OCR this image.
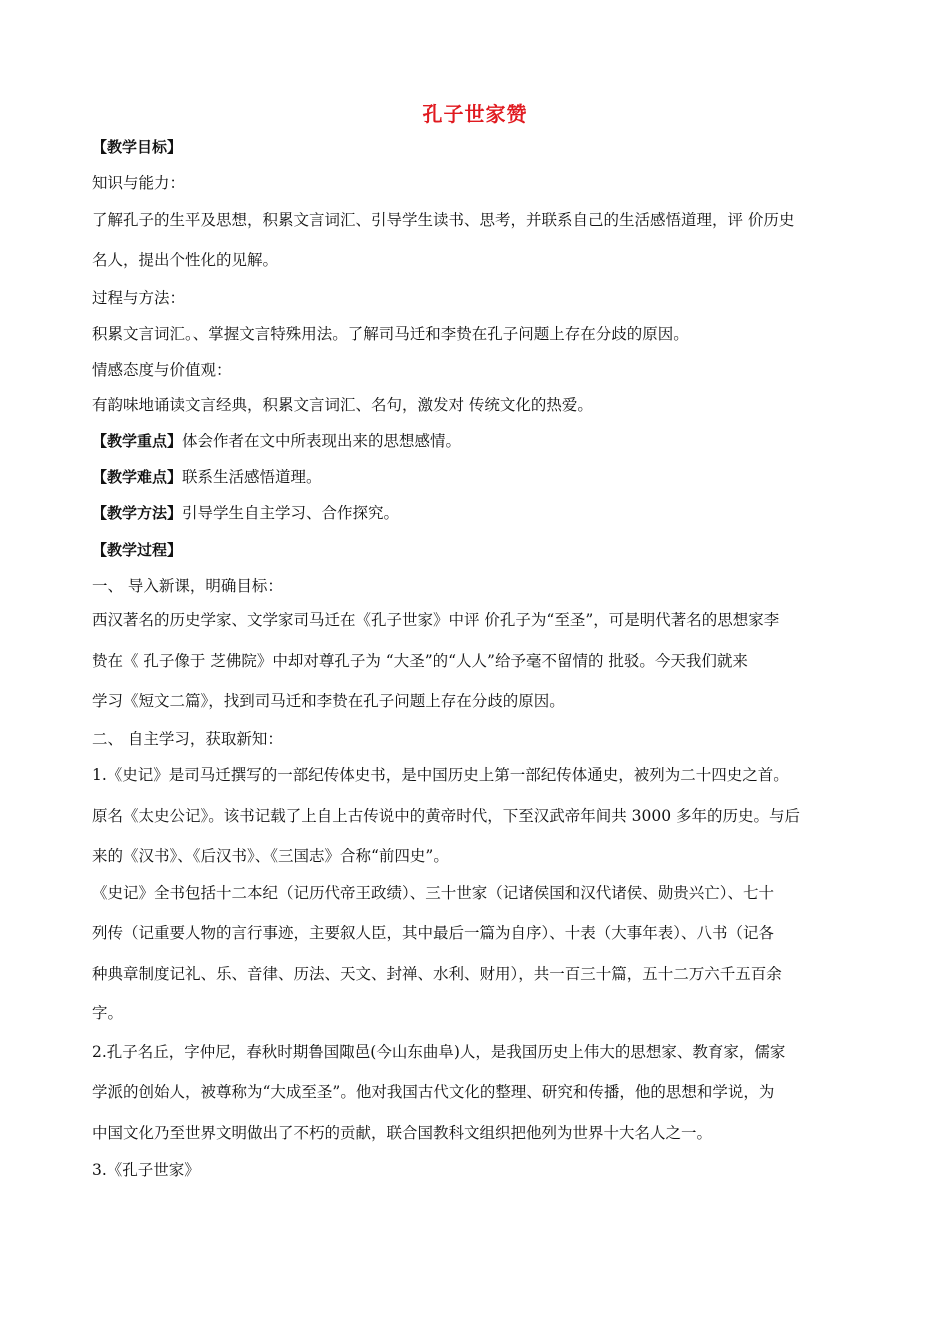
孔子世家赞
【教学目标】
知识与能力：
了解孔子的生平及思想，积累文言词汇、引导学生读书、思考，并联系自己的生活感悟道理，评 价历史
名人，提出个性化的见解。
过程与方法：
积累文言词汇。、掌握文言特殊用法。了解司马迁和李贽在孔子问题上存在分歧的原因。
情感态度与价值观：
有韵味地诵读文言经典，积累文言词汇、名句，激发对 传统文化的热爱。
【教学重点】体会作者在文中所表现出来的思想感情。
【教学难点】联系生活感悟道理。
【教学方法】引导学生自主学习、合作探究。
【教学过程】
一、 导入新课，明确目标：
西汉著名的历史学家、文学家司马迁在《孔子世家》中评 价孔子为“至圣”，可是明代著名的思想家李
贽在《 孔子像于 芝佛院》中却对尊孔子为 “大圣”的“人人”给予毫不留情的 批驳。今天我们就来
学习《短文二篇》，找到司马迁和李贽在孔子问题上存在分歧的原因。
二、 自主学习，获取新知：
1.《史记》是司马迁撰写的一部纪传体史书，是中国历史上第一部纪传体通史，被列为二十四史之首。
原名《太史公记》。该书记载了上自上古传说中的黄帝时代，下至汉武帝年间共 3000 多年的历史。与后
来的《汉书》、《后汉书》、《三国志》合称“前四史”。
《史记》全书包括十二本纪（记历代帝王政绩）、三十世家（记诸侯国和汉代诸侯、勋贵兴亡）、七十
列传（记重要人物的言行事迹，主要叙人臣，其中最后一篇为自序）、十表（大事年表）、八书（记各
种典章制度记礼、乐、音律、历法、天文、封禅、水利、财用），共一百三十篇，五十二万六千五百余
字。
2.孔子名丘，字仲尼，春秋时期鲁国陬邑(今山东曲阜)人，是我国历史上伟大的思想家、教育家，儒家
学派的创始人，被尊称为“大成至圣”。他对我国古代文化的整理、研究和传播，他的思想和学说，为
中国文化乃至世界文明做出了不朽的贡献，联合国教科文组织把他列为世界十大名人之一。
3.《孔子世家》
